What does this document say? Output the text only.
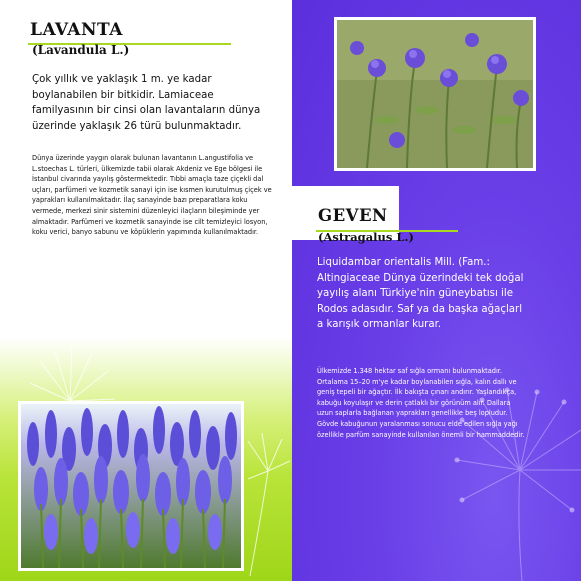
LAVANTA
(Lavandula L.)

Çok yıllık ve yaklaşık 1 m. ye kadar boylanabilen bir bitkidir. Lamiaceae familyasının bir cinsi olan lavantaların dünya üzerinde yaklaşık 26 türü bulunmaktadır.

Dünya üzerinde yaygın olarak bulunan lavantanın L.angustifolia ve L.stoechas L. türleri, ülkemizde tabii olarak Akdeniz ve Ege bölgesi ile İstanbul civarında yayılış göstermektedir. Tıbbi amaçla taze çiçekli dal uçları, parfümeri ve kozmetik sanayi için ise kısmen kurutulmuş çiçek ve yaprakları kullanılmaktadır. İlaç sanayinde bazı preparatlara koku vermede, merkezi sinir sistemini düzenleyici ilaçların bileşiminde yer almaktadır. Parfümeri ve kozmetik sanayinde ise cilt temizleyici losyon, koku verici, banyo sabunu ve köpüklerin yapımında kullanılmaktadır.

GEVEN
(Astragalus L.)

Liquidambar orientalis Mill. (Fam.: Altingiaceae Dünya üzerindeki tek doğal yayılış alanı Türkiye'nin güneybatısı ile Rodos adasıdır. Saf ya da başka ağaçlarl a karışık ormanlar kurar.

Ülkemizde 1.348 hektar saf sığla ormanı bulunmaktadır. Ortalama 15–20 m'ye kadar boylanabilen sığla, kalın dallı ve geniş tepeli bir ağaçtır. İlk bakışta çınarı andırır. Yaşlandıkça, kabuğu koyulaşır ve derin çatlaklı bir görünüm alır. Dallara uzun saplarla bağlanan yaprakları genellikle beş lopludur. Gövde kabuğunun yaralanması sonucu elde edilen sığla yağı özellikle parfüm sanayinde kullanılan önemli bir hammaddedir.
